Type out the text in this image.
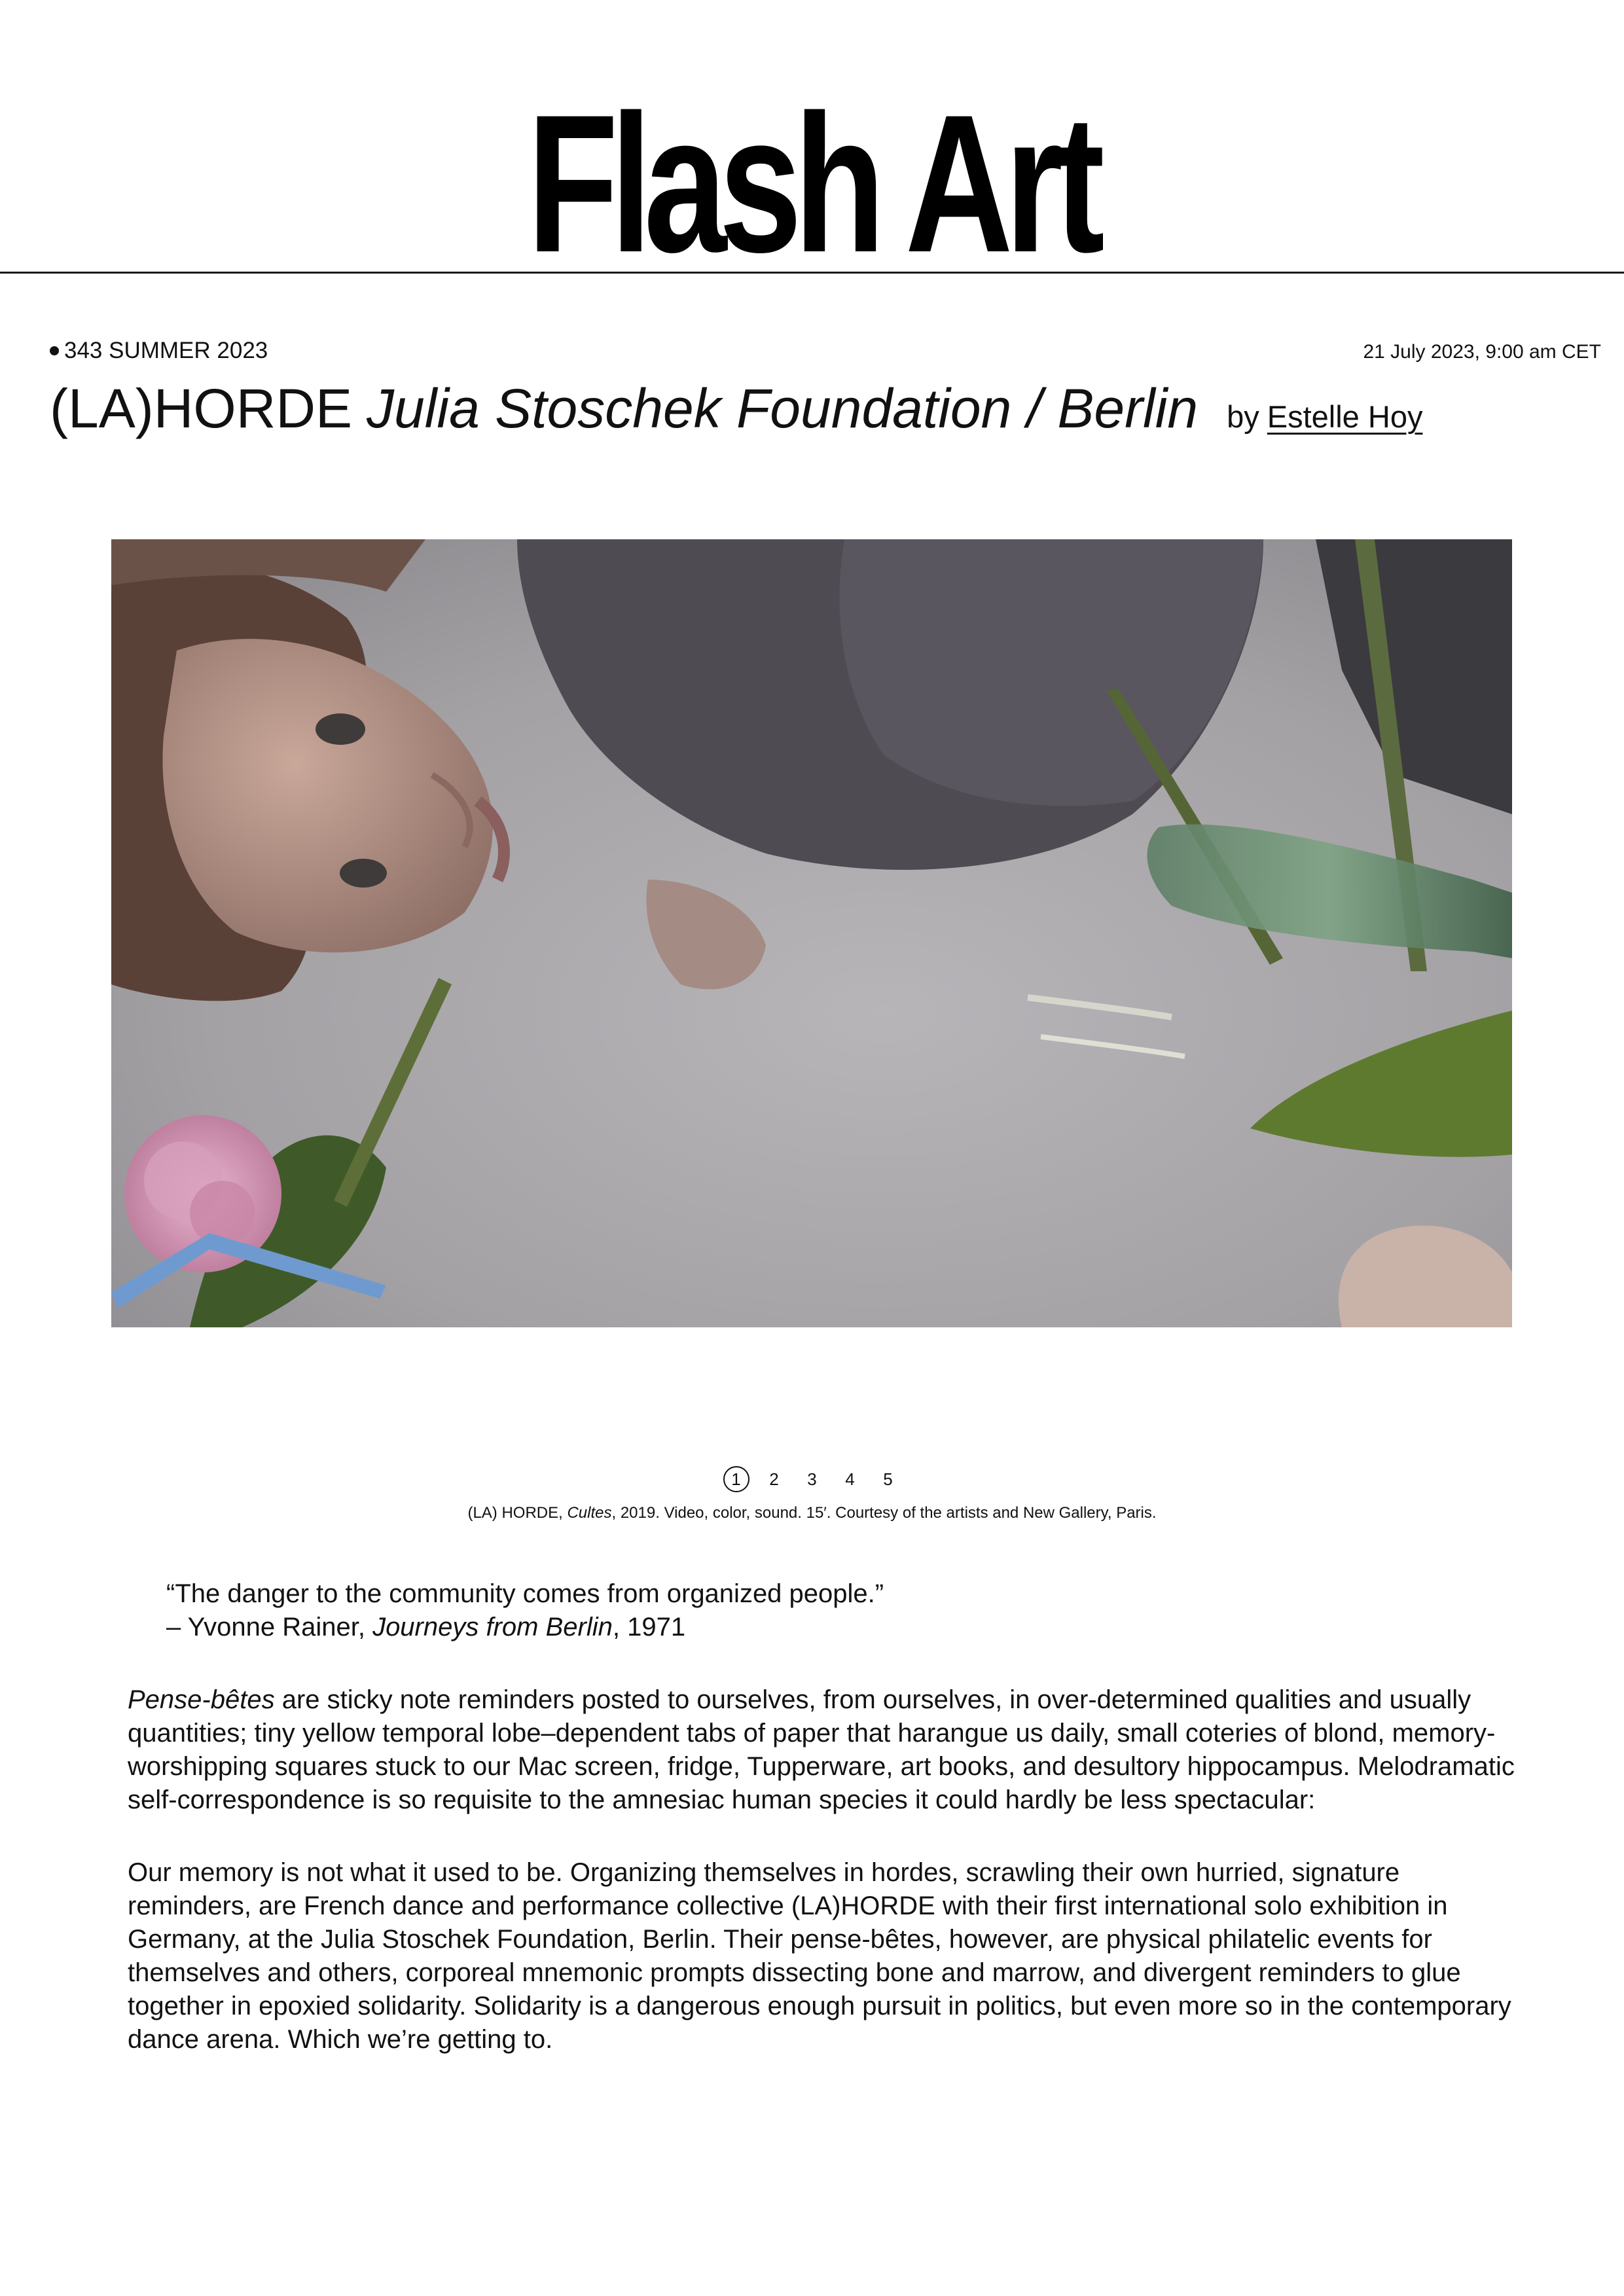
Flash Art
343 SUMMER 2023	21 July 2023, 9:00 am CET
(LA)HORDE Julia Stoschek Foundation / Berlin by Estelle Hoy
1	2	3	4	5
(LA) HORDE, Cultes, 2019. Video, color, sound. 15′. Courtesy of the artists and New Gallery, Paris.
“The danger to the community comes from organized people.”
– Yvonne Rainer, Journeys from Berlin, 1971

Pense-bêtes are sticky note reminders posted to ourselves, from ourselves, in over-determined qualities and usually quantities; tiny yellow temporal lobe–dependent tabs of paper that harangue us daily, small coteries of blond, memory-worshipping squares stuck to our Mac screen, fridge, Tupperware, art books, and desultory hippocampus. Melodramatic self-correspondence is so requisite to the amnesiac human species it could hardly be less spectacular:

Our memory is not what it used to be. Organizing themselves in hordes, scrawling their own hurried, signature reminders, are French dance and performance collective (LA)HORDE with their first international solo exhibition in Germany, at the Julia Stoschek Foundation, Berlin. Their pense-bêtes, however, are physical philatelic events for themselves and others, corporeal mnemonic prompts dissecting bone and marrow, and divergent reminders to glue together in epoxied solidarity. Solidarity is a dangerous enough pursuit in politics, but even more so in the contemporary dance arena. Which we’re getting to.
